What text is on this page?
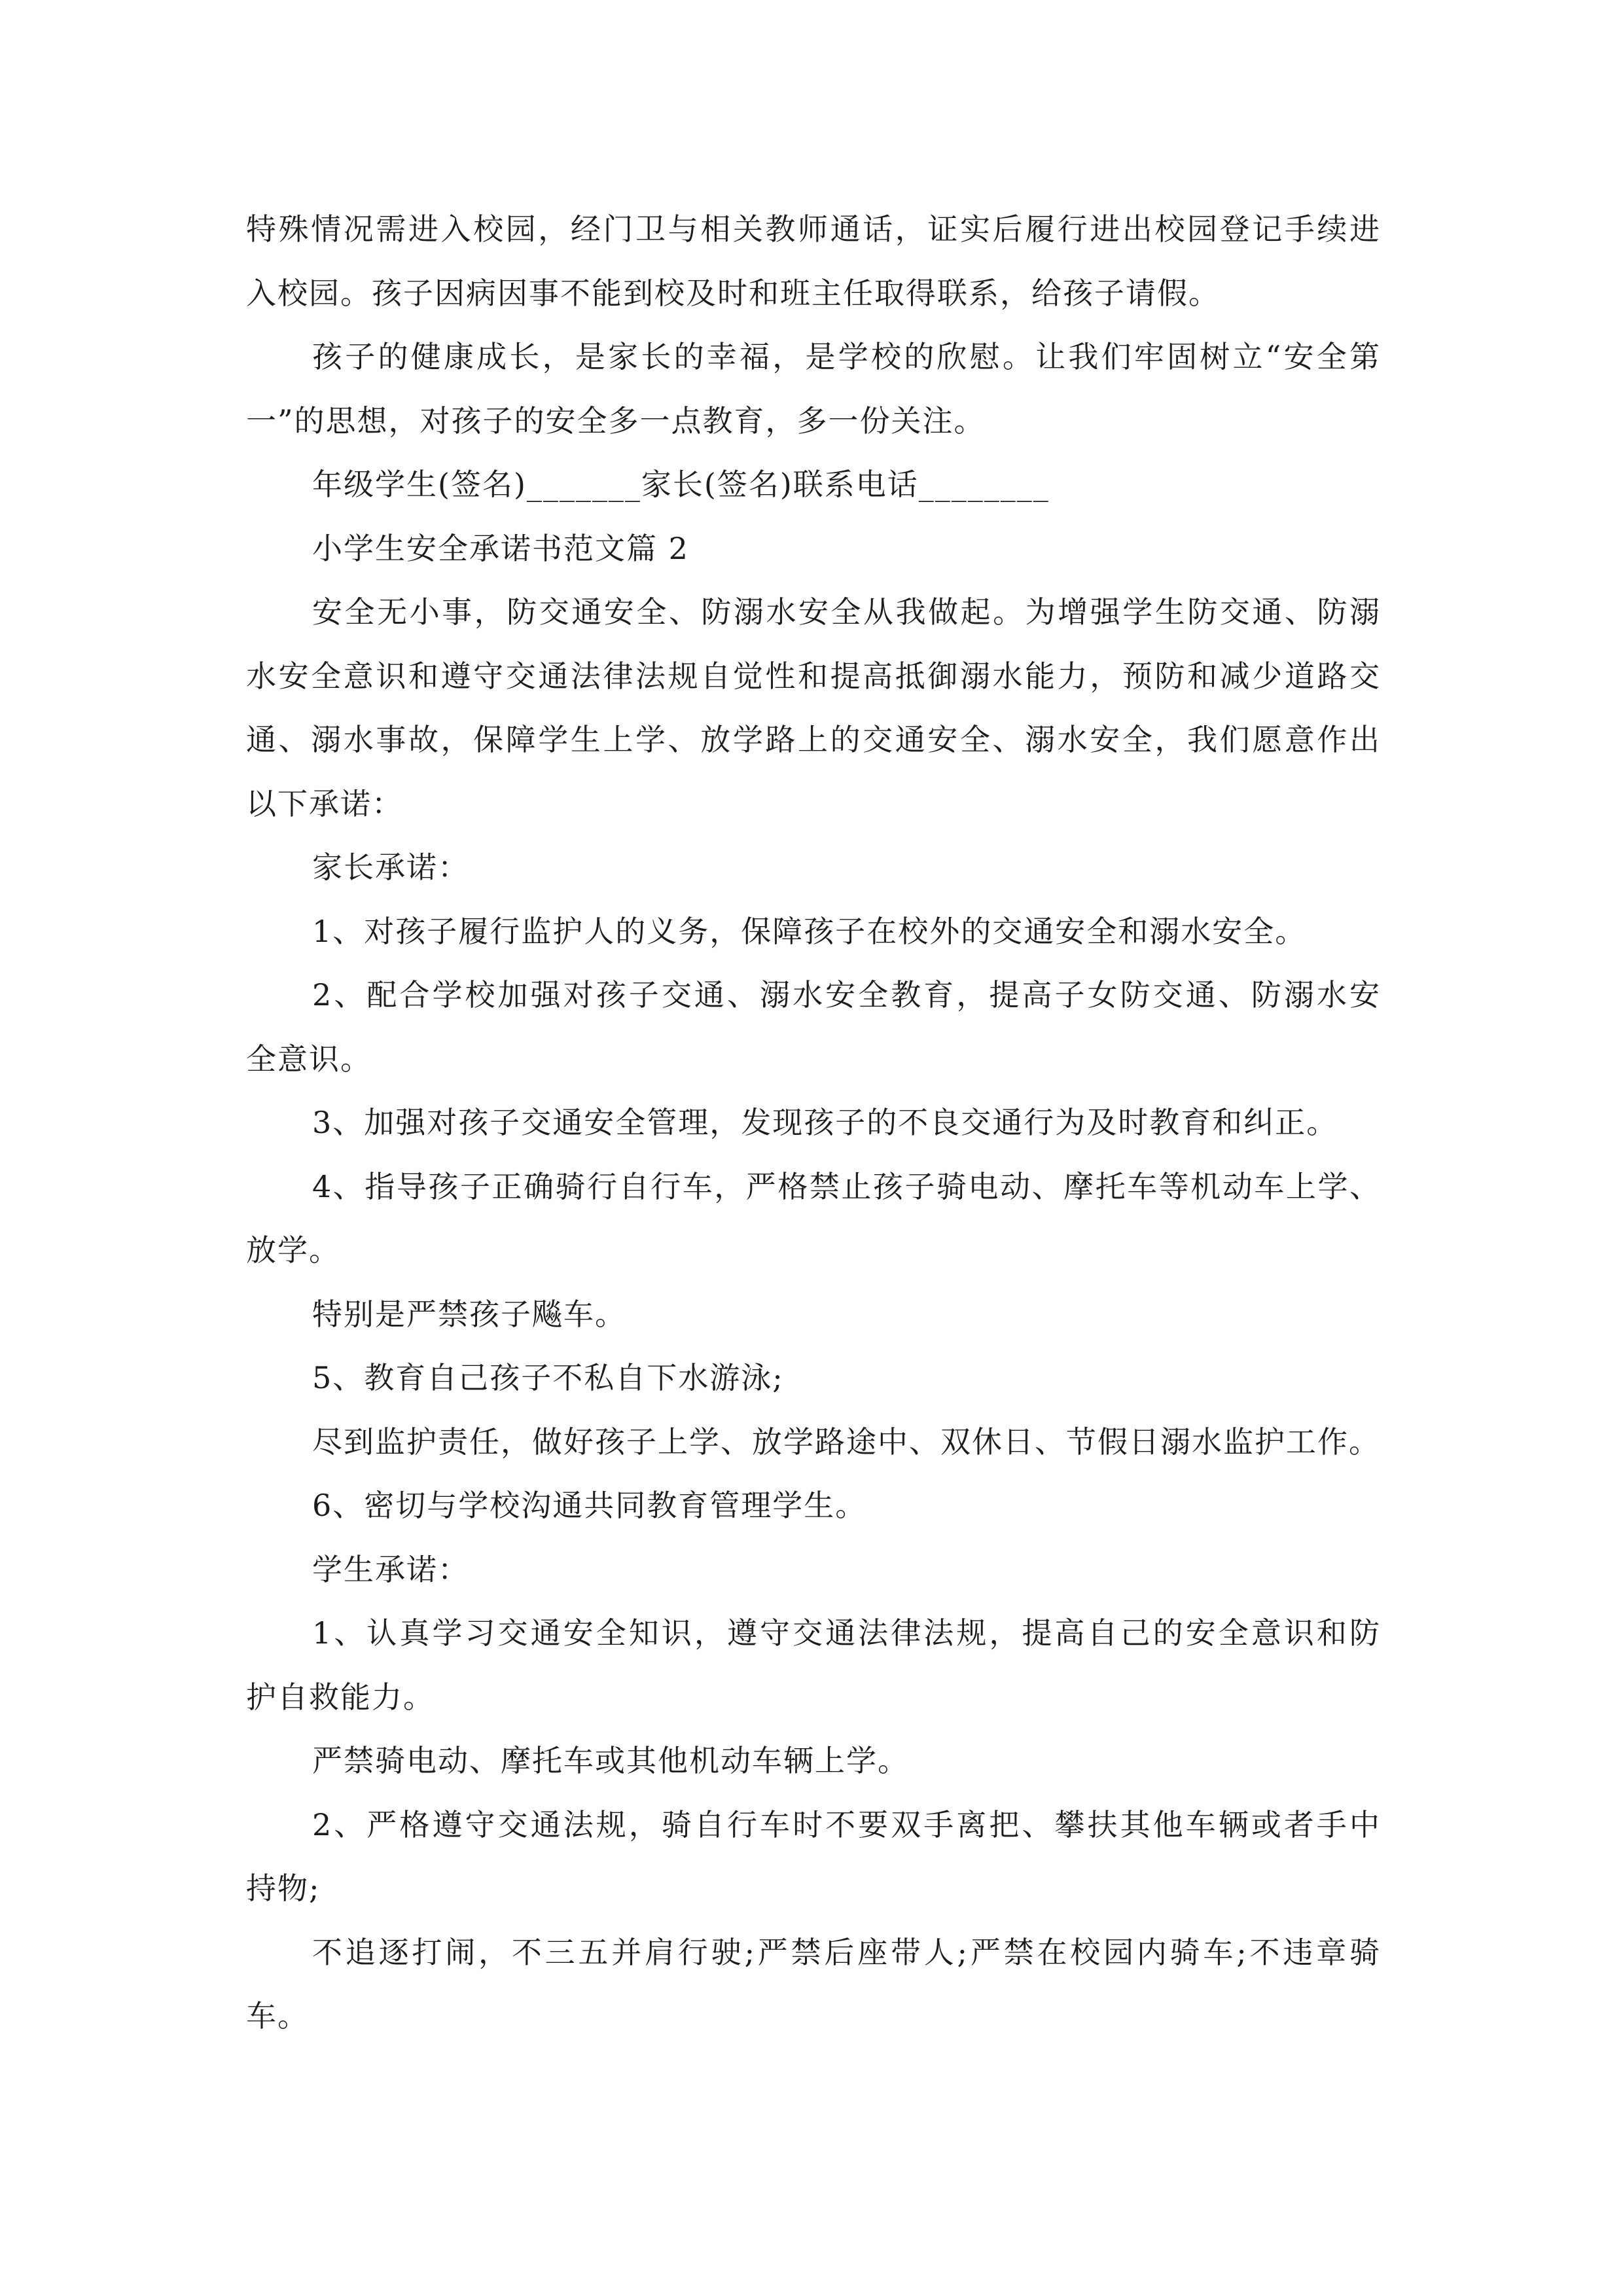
特殊情况需进入校园，经门卫与相关教师通话，证实后履行进出校园登记手续进
入校园。孩子因病因事不能到校及时和班主任取得联系，给孩子请假。
孩子的健康成长，是家长的幸福，是学校的欣慰。让我们牢固树立“安全第
一”的思想，对孩子的安全多一点教育，多一份关注。
年级学生(签名)_______家长(签名)联系电话________
小学生安全承诺书范文篇 2
安全无小事，防交通安全、防溺水安全从我做起。为增强学生防交通、防溺
水安全意识和遵守交通法律法规自觉性和提高抵御溺水能力，预防和减少道路交
通、溺水事故，保障学生上学、放学路上的交通安全、溺水安全，我们愿意作出
以下承诺：
家长承诺：
1、对孩子履行监护人的义务，保障孩子在校外的交通安全和溺水安全。
2、配合学校加强对孩子交通、溺水安全教育，提高子女防交通、防溺水安
全意识。
3、加强对孩子交通安全管理，发现孩子的不良交通行为及时教育和纠正。
4、指导孩子正确骑行自行车，严格禁止孩子骑电动、摩托车等机动车上学、
放学。
特别是严禁孩子飚车。
5、教育自己孩子不私自下水游泳;
尽到监护责任，做好孩子上学、放学路途中、双休日、节假日溺水监护工作。
6、密切与学校沟通共同教育管理学生。
学生承诺：
1、认真学习交通安全知识，遵守交通法律法规，提高自己的安全意识和防
护自救能力。
严禁骑电动、摩托车或其他机动车辆上学。
2、严格遵守交通法规，骑自行车时不要双手离把、攀扶其他车辆或者手中
持物;
不追逐打闹，不三五并肩行驶;严禁后座带人;严禁在校园内骑车;不违章骑
车。
